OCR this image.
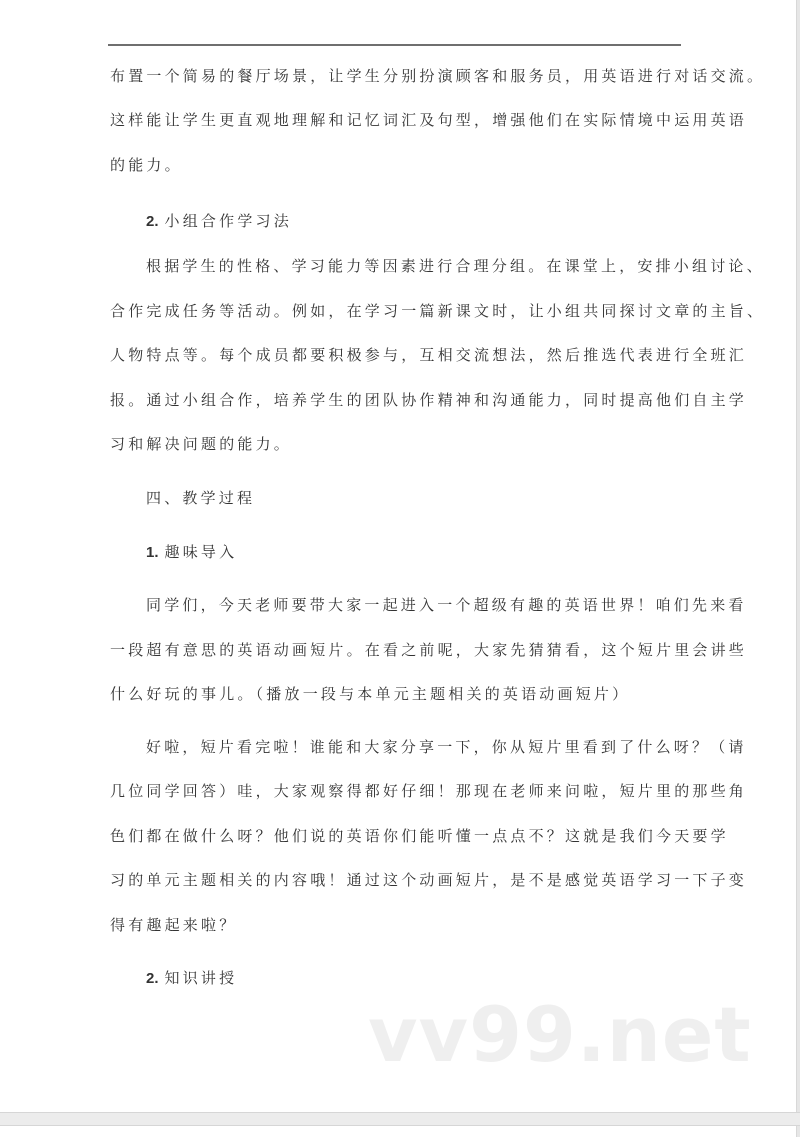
布置一个简易的餐厅场景，让学生分别扮演顾客和服务员，用英语进行对话交流。
这样能让学生更直观地理解和记忆词汇及句型，增强他们在实际情境中运用英语
的能力。
2. 小组合作学习法
根据学生的性格、学习能力等因素进行合理分组。在课堂上，安排小组讨论、
合作完成任务等活动。例如，在学习一篇新课文时，让小组共同探讨文章的主旨、
人物特点等。每个成员都要积极参与，互相交流想法，然后推选代表进行全班汇
报。通过小组合作，培养学生的团队协作精神和沟通能力，同时提高他们自主学
习和解决问题的能力。
四、教学过程
1. 趣味导入
同学们，今天老师要带大家一起进入一个超级有趣的英语世界！咱们先来看
一段超有意思的英语动画短片。在看之前呢，大家先猜猜看，这个短片里会讲些
什么好玩的事儿。（播放一段与本单元主题相关的英语动画短片）
好啦，短片看完啦！谁能和大家分享一下，你从短片里看到了什么呀？（请
几位同学回答）哇，大家观察得都好仔细！那现在老师来问啦，短片里的那些角
色们都在做什么呀？他们说的英语你们能听懂一点点不？这就是我们今天要学
习的单元主题相关的内容哦！通过这个动画短片，是不是感觉英语学习一下子变
得有趣起来啦？
2. 知识讲授
vv99.net
